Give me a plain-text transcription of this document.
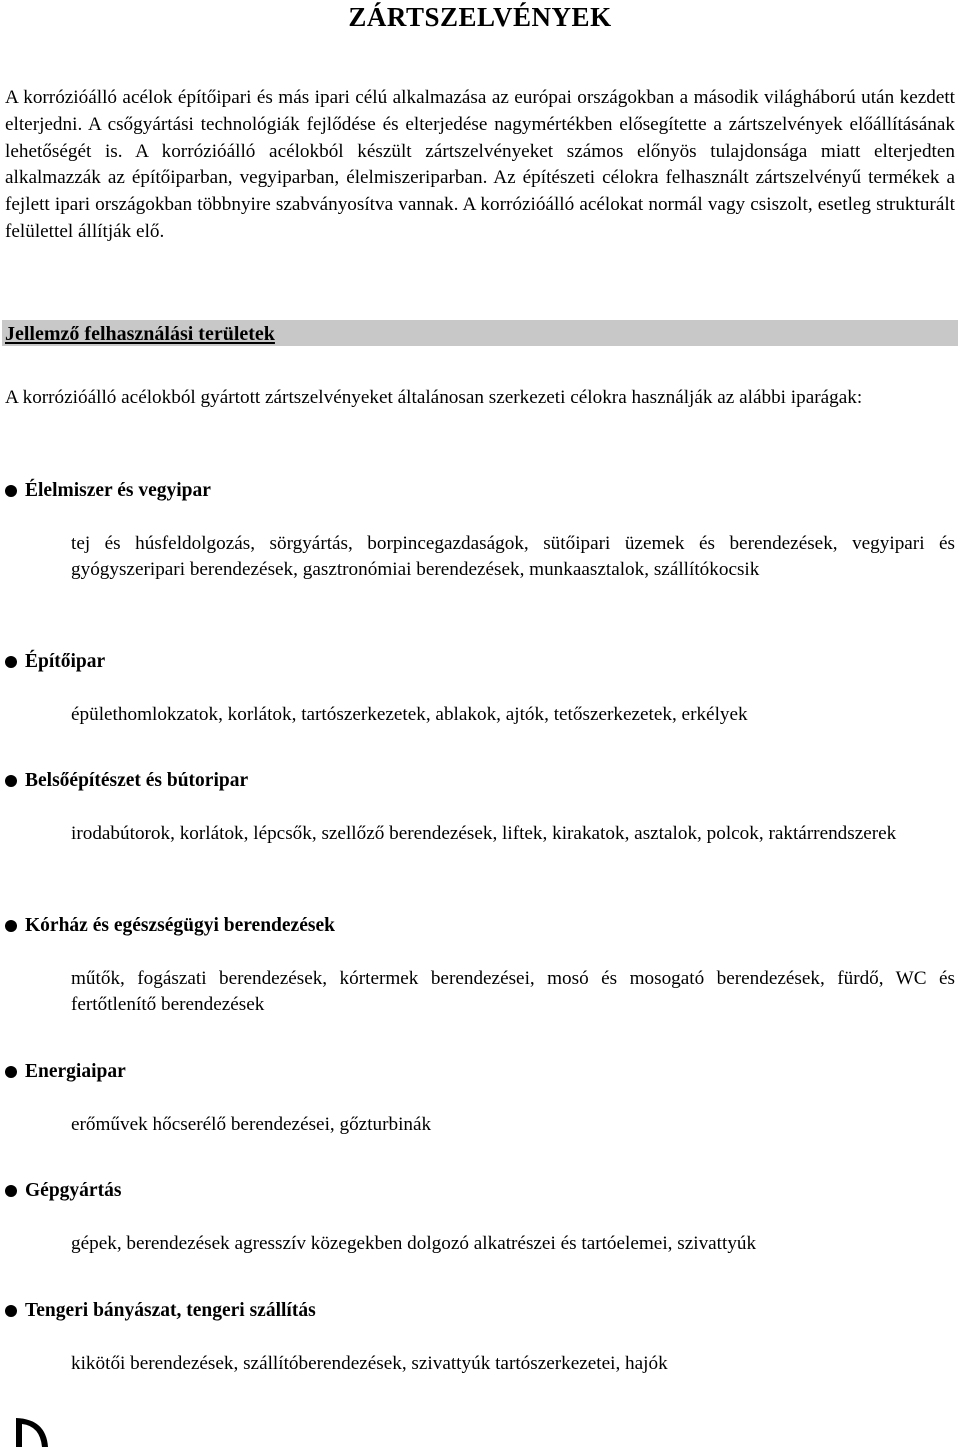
ZÁRTSZELVÉNYEK

A korrózióálló acélok építőipari és más ipari célú alkalmazása az európai országokban a második világháború után kezdett elterjedni. A csőgyártási technológiák fejlődése és elterjedése nagymértékben elősegítette a zártszelvények előállításának lehetőségét is. A korrózióálló acélokból készült zártszelvényeket számos előnyös tulajdonsága miatt elterjedten alkalmazzák az építőiparban, vegyiparban, élelmiszeriparban. Az építészeti célokra felhasznált zártszelvényű termékek a fejlett ipari országokban többnyire szabványosítva vannak. A korrózióálló acélokat normál vagy csiszolt, esetleg strukturált felülettel állítják elő.

Jellemző felhasználási területek

A korrózióálló acélokból gyártott zártszelvényeket általánosan szerkezeti célokra használják az alábbi iparágak:

Élelmiszer és vegyipar

tej és húsfeldolgozás, sörgyártás, borpincegazdaságok, sütőipari üzemek és berendezések, vegyipari és gyógyszeripari berendezések, gasztronómiai berendezések, munkaasztalok, szállítókocsik

Építőipar

épülethomlokzatok, korlátok, tartószerkezetek, ablakok, ajtók, tetőszerkezetek, erkélyek

Belsőépítészet és bútoripar

irodabútorok, korlátok, lépcsők, szellőző berendezések, liftek, kirakatok, asztalok, polcok, raktárrendszerek

Kórház és egészségügyi berendezések

műtők, fogászati berendezések, kórtermek berendezései, mosó és mosogató berendezések, fürdő, WC és fertőtlenítő berendezések

Energiaipar

erőművek hőcserélő berendezései, gőzturbinák

Gépgyártás

gépek, berendezések agresszív közegekben dolgozó alkatrészei és tartóelemei, szivattyúk

Tengeri bányászat, tengeri szállítás

kikötői berendezések, szállítóberendezések, szivattyúk tartószerkezetei, hajók
